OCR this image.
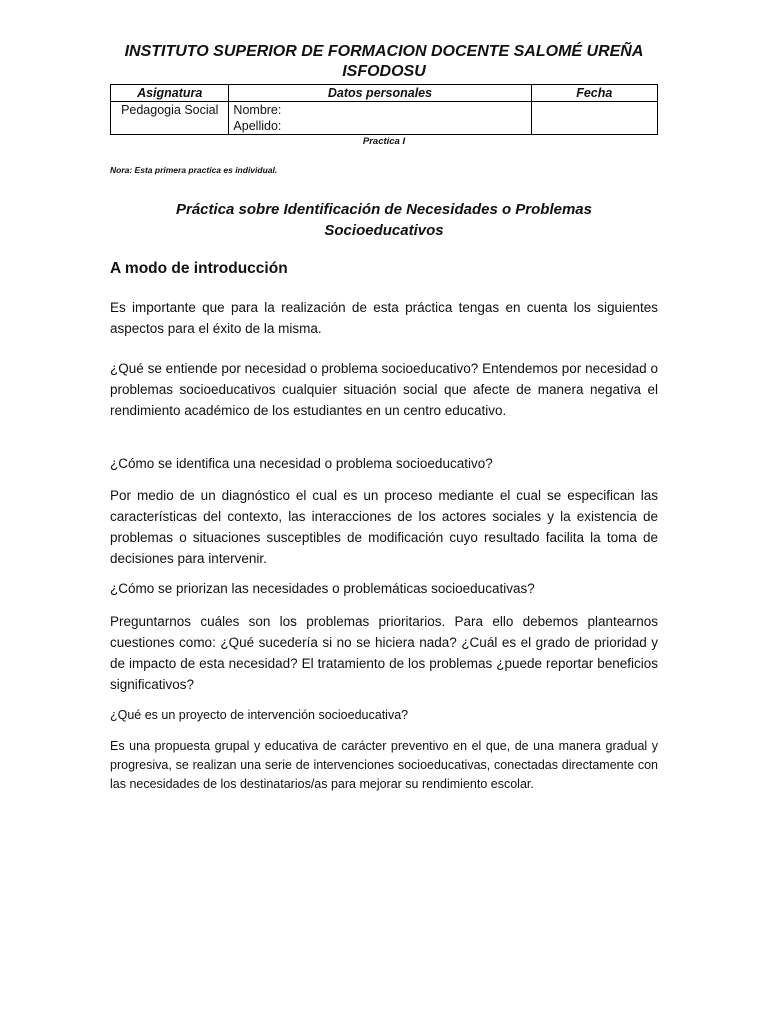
INSTITUTO SUPERIOR DE FORMACION DOCENTE SALOMÉ UREÑA
ISFODOSU
Asignatura	Datos personales	Fecha
Pedagogia Social	Nombre:
Apellido:	

Practica I
Nora: Esta primera practica es individual.
Práctica sobre Identificación de Necesidades o Problemas
Socioeducativos
A modo de introducción

Es importante que para la realización de esta práctica tengas en cuenta los siguientes aspectos para el éxito de la misma.

¿Qué se entiende por necesidad o problema socioeducativo? Entendemos por necesidad o problemas socioeducativos cualquier situación social que afecte de manera negativa el rendimiento académico de los estudiantes en un centro educativo.

¿Cómo se identifica una necesidad o problema socioeducativo?

Por medio de un diagnóstico el cual es un proceso mediante el cual se especifican las características del contexto, las interacciones de los actores sociales y la existencia de problemas o situaciones susceptibles de modificación cuyo resultado facilita la toma de decisiones para intervenir.

¿Cómo se priorizan las necesidades o problemáticas socioeducativas?

Preguntarnos cuáles son los problemas prioritarios. Para ello debemos plantearnos cuestiones como: ¿Qué sucedería si no se hiciera nada? ¿Cuál es el grado de prioridad y de impacto de esta necesidad? El tratamiento de los problemas ¿puede reportar beneficios significativos?

¿Qué es un proyecto de intervención socioeducativa?

Es una propuesta grupal y educativa de carácter preventivo en el que, de una manera gradual y progresiva, se realizan una serie de intervenciones socioeducativas, conectadas directamente con las necesidades de los destinatarios/as para mejorar su rendimiento escolar.
